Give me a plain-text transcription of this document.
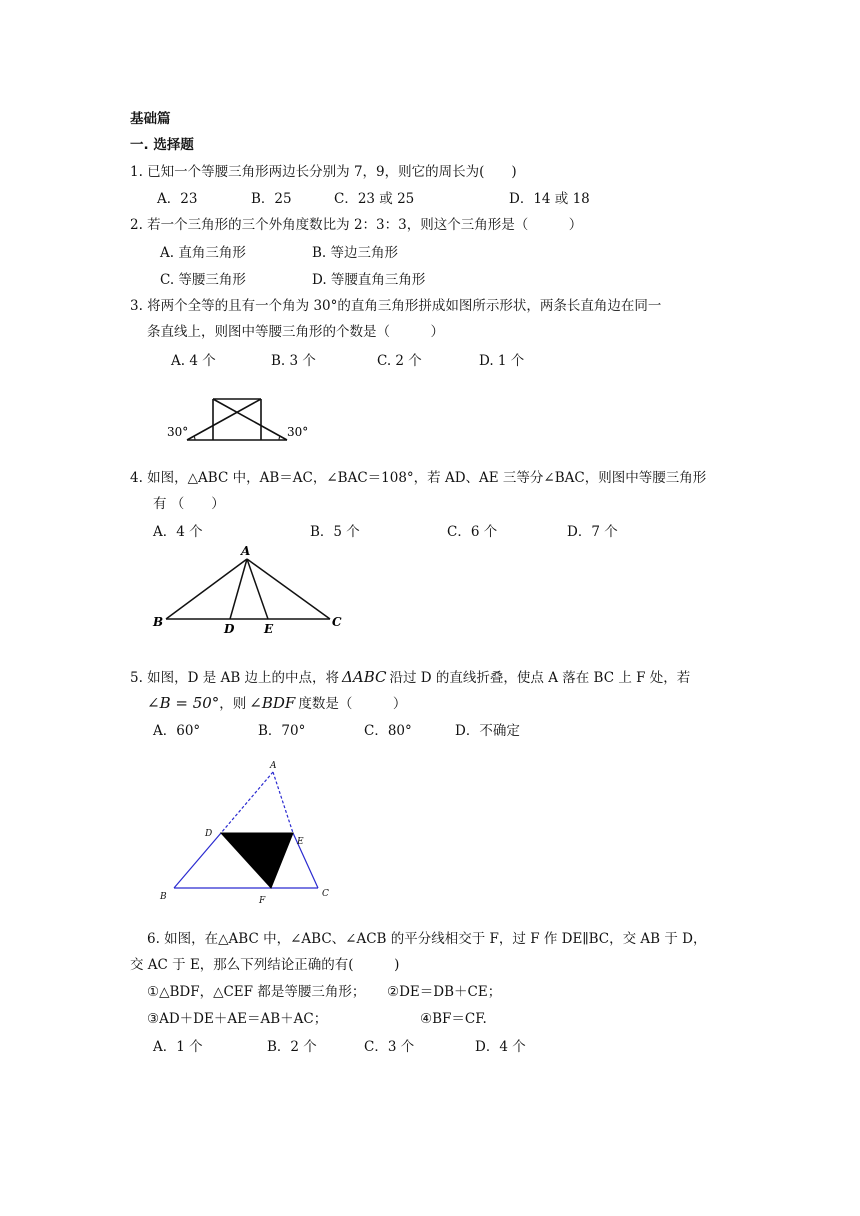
基础篇
一. 选择题
1. 已知一个等腰三角形两边长分别为 7，9，则它的周长为(　　)
A．23	B．25	C．23 或 25	D．14 或 18
2. 若一个三角形的三个外角度数比为 2：3：3，则这个三角形是（　　　）
A. 直角三角形	B. 等边三角形
C. 等腰三角形	D. 等腰直角三角形
3. 将两个全等的且有一个角为 30°的直角三角形拼成如图所示形状，两条长直角边在同一
条直线上，则图中等腰三角形的个数是（　　　）
A. 4 个	B. 3 个	C. 2 个	D. 1 个
30°	30°
4. 如图，△ABC 中，AB＝AC，∠BAC＝108°，若 AD、AE 三等分∠BAC，则图中等腰三角形
有 （　　）
A．4 个	B．5 个	C．6 个	D．7 个
A
B	D E	C
5. 如图，D 是 AB 边上的中点，将 ΔABC 沿过 D 的直线折叠，使点 A 落在 BC 上 F 处，若
∠B = 50°，则 ∠BDF 度数是（　　　）
A．60°	B．70°	C．80°	D．不确定
A
D
E
B	F
C
6. 如图，在△ABC 中，∠ABC、∠ACB 的平分线相交于 F，过 F 作 DE∥BC，交 AB 于 D，
交 AC 于 E，那么下列结论正确的有(　　　)
①△BDF，△CEF 都是等腰三角形； ②DE＝DB＋CE；
③AD＋DE＋AE＝AB＋AC；	④BF＝CF.
A．1 个	B．2 个	C．3 个	D．4 个
